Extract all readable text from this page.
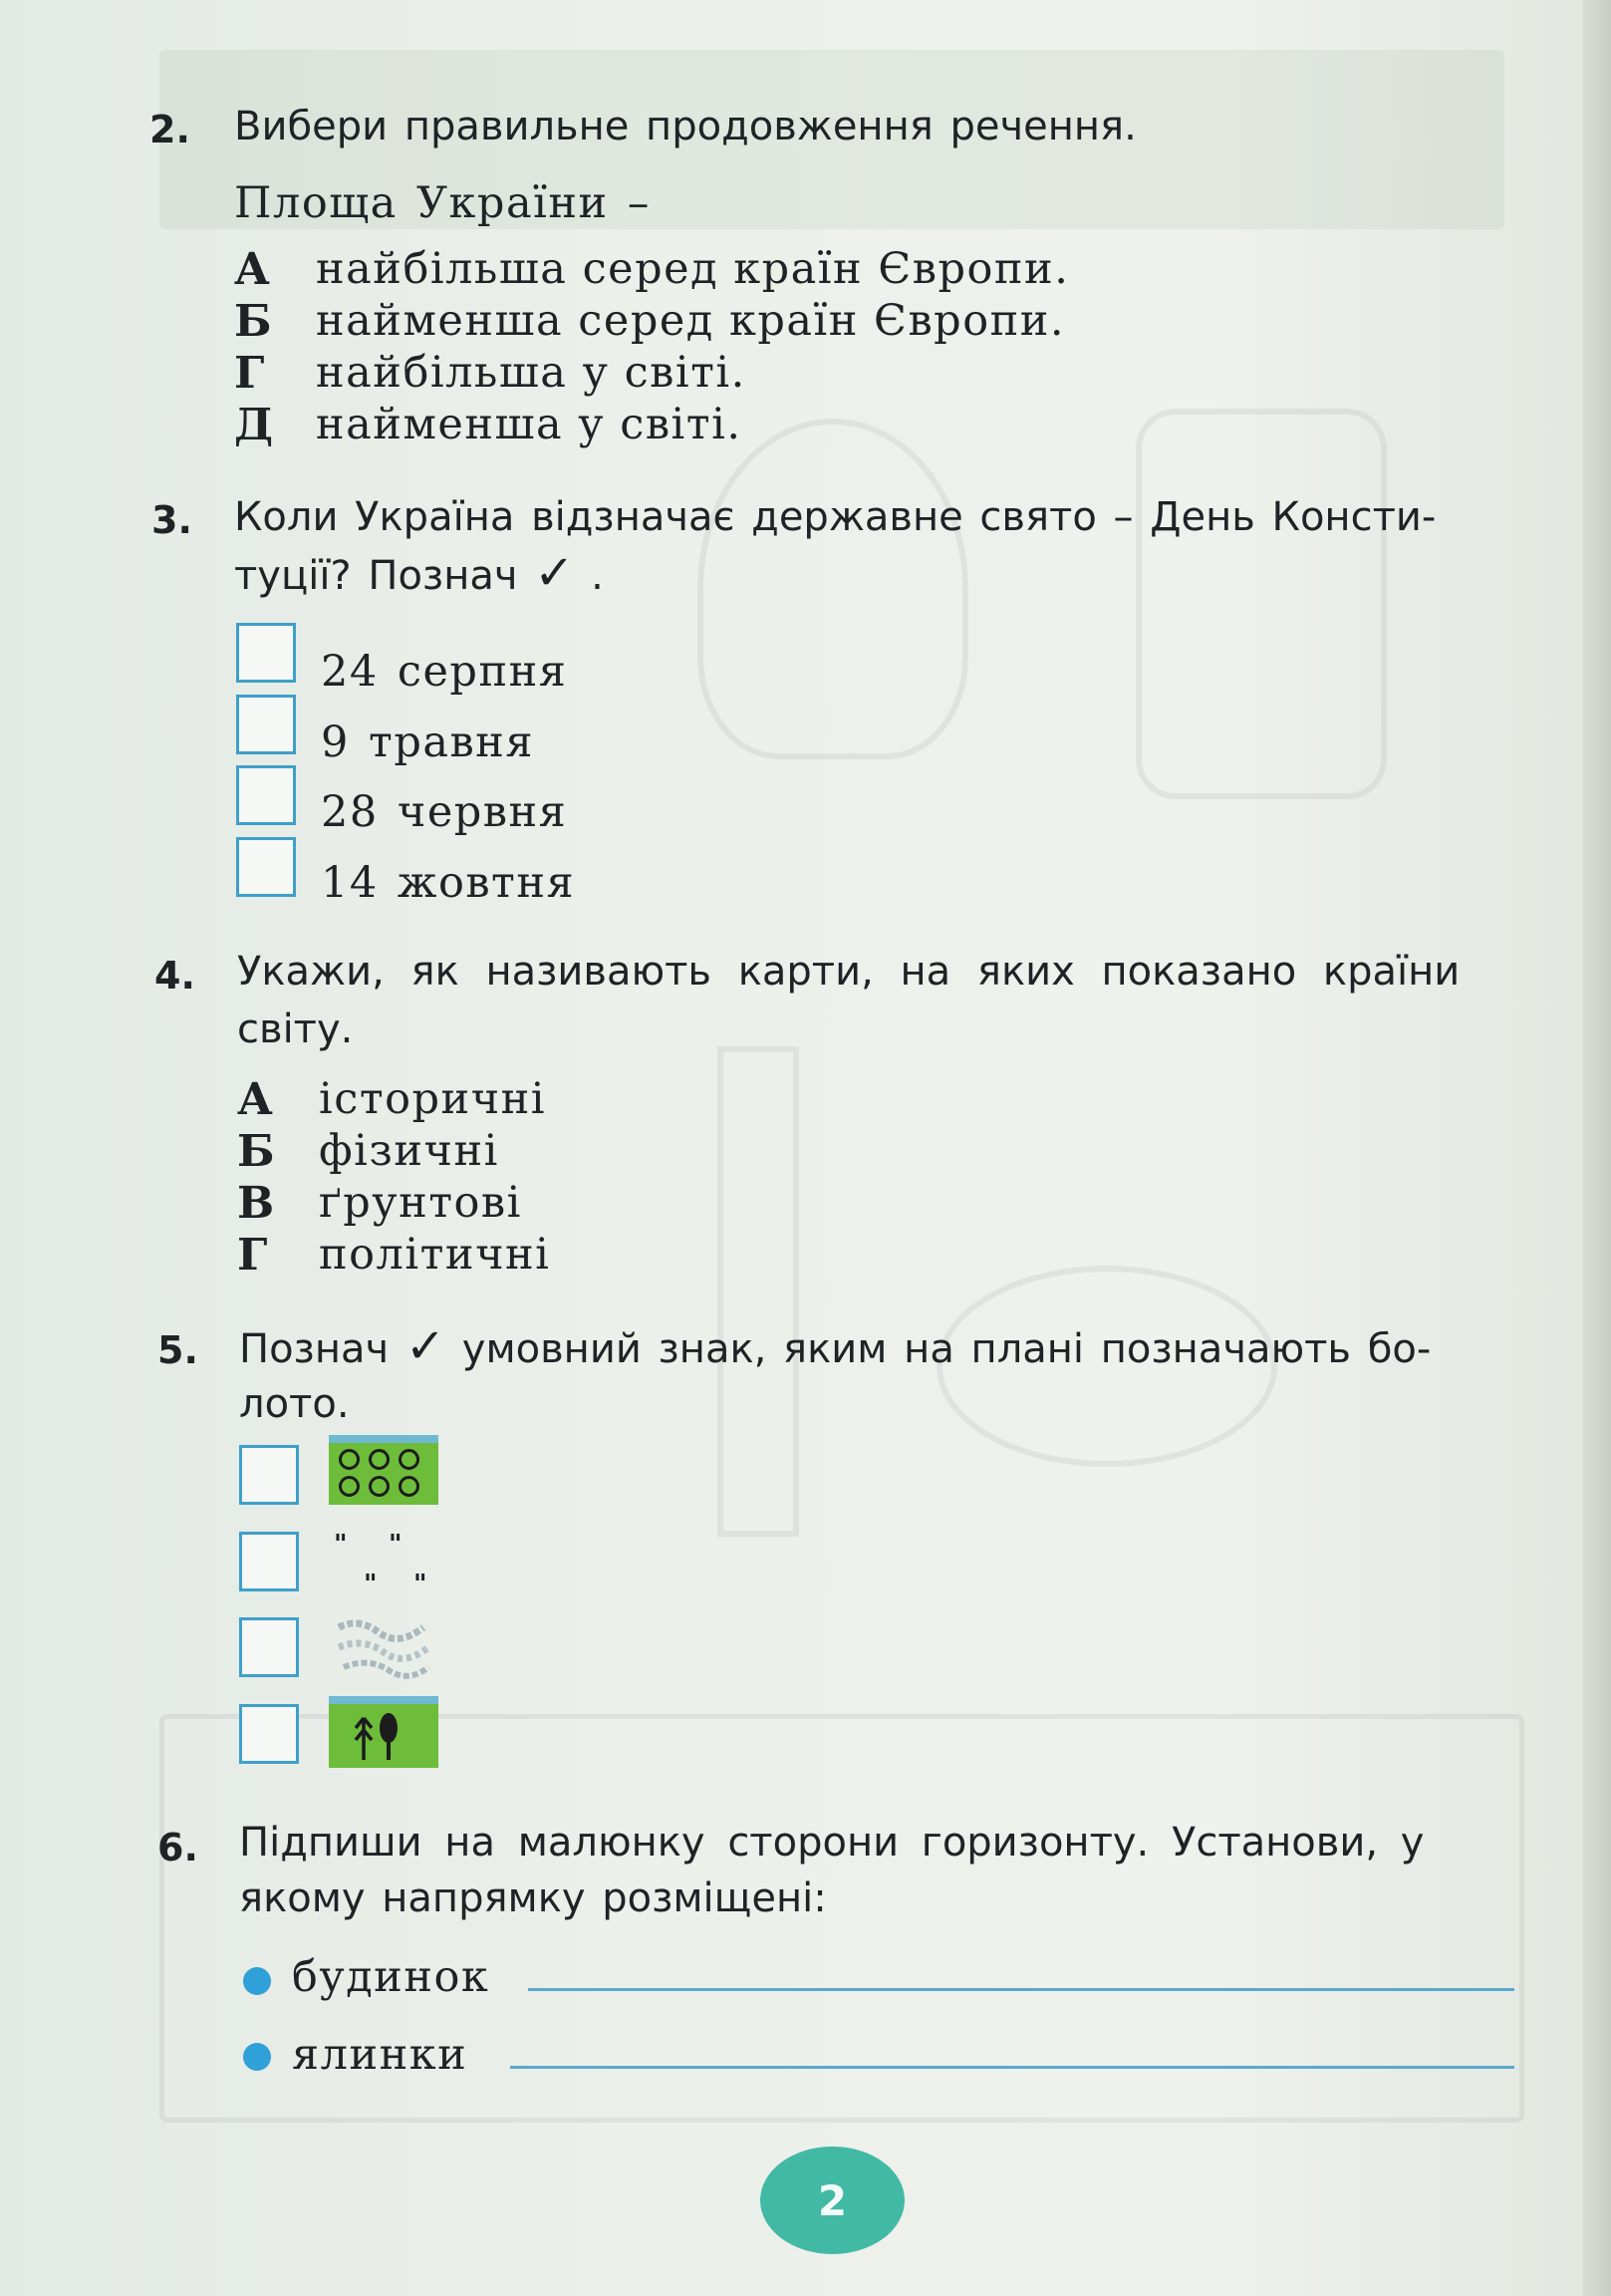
2. Вибери правильне продовження речення.
Площа України –
А найбільша серед країн Європи.
Б найменша серед країн Європи.
Г найбільша у світі.
Д найменша у світі.
3. Коли Україна відзначає державне свято – День Консти-
туції? Познач ✓ .
24 серпня
9 травня
28 червня
14 жовтня
4. Укажи, як називають карти, на яких показано країни
світу.
А історичні
Б фізичні
В ґрунтові
Г політичні
5. Познач ✓ умовний знак, яким на плані позначають бо-
лото.
" "
" "
6. Підпиши на малюнку сторони горизонту. Установи, у
якому напрямку розміщені:
будинок
ялинки
2
